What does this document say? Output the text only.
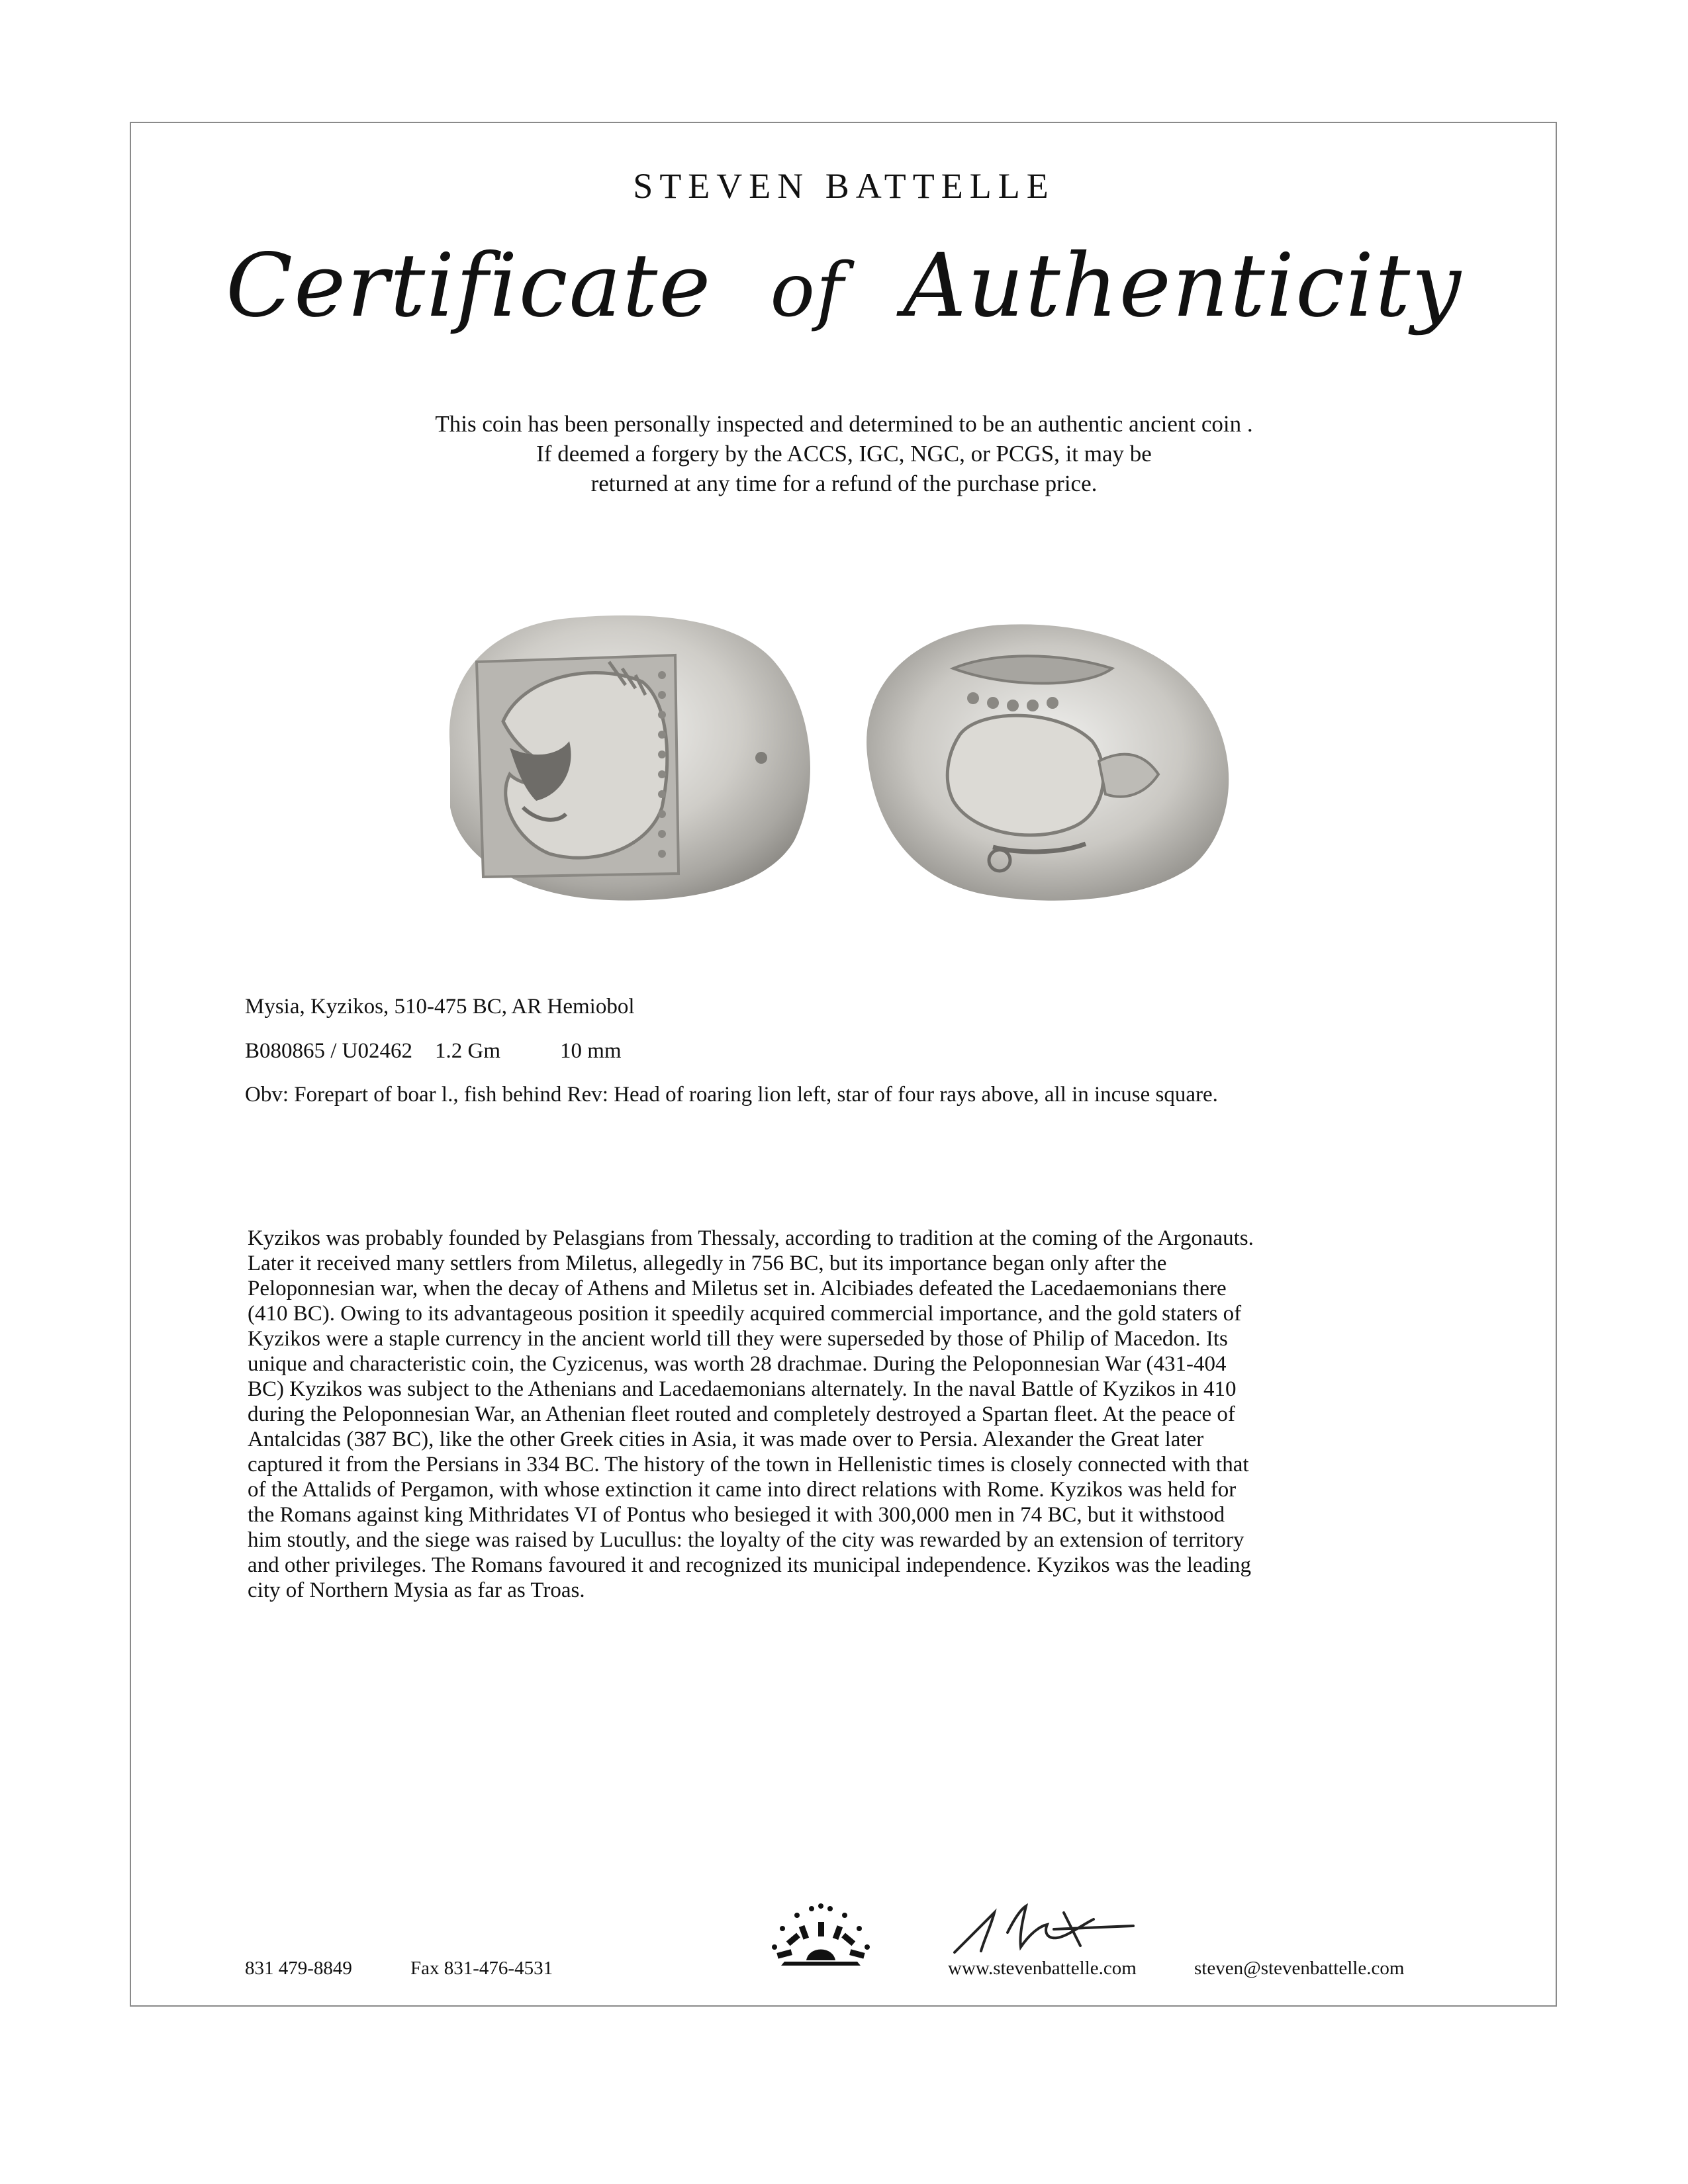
STEVEN BATTELLE
Certificate of Authenticity
This coin has been personally inspected and determined to be an authentic ancient coin .
If deemed a forgery by the ACCS, IGC, NGC, or PCGS, it may be
returned at any time for a refund of the purchase price.
Mysia, Kyzikos, 510-475 BC, AR Hemiobol
B080865 / U02462 1.2 Gm	10 mm
Obv: Forepart of boar l., fish behind Rev: Head of roaring lion left, star of four rays above, all in incuse square.
Kyzikos was probably founded by Pelasgians from Thessaly, according to tradition at the coming of the Argonauts.
Later it received many settlers from Miletus, allegedly in 756 BC, but its importance began only after the
Peloponnesian war, when the decay of Athens and Miletus set in. Alcibiades defeated the Lacedaemonians there
(410 BC). Owing to its advantageous position it speedily acquired commercial importance, and the gold staters of
Kyzikos were a staple currency in the ancient world till they were superseded by those of Philip of Macedon. Its
unique and characteristic coin, the Cyzicenus, was worth 28 drachmae. During the Peloponnesian War (431-404
BC) Kyzikos was subject to the Athenians and Lacedaemonians alternately. In the naval Battle of Kyzikos in 410
during the Peloponnesian War, an Athenian fleet routed and completely destroyed a Spartan fleet. At the peace of
Antalcidas (387 BC), like the other Greek cities in Asia, it was made over to Persia. Alexander the Great later
captured it from the Persians in 334 BC. The history of the town in Hellenistic times is closely connected with that
of the Attalids of Pergamon, with whose extinction it came into direct relations with Rome. Kyzikos was held for
the Romans against king Mithridates VI of Pontus who besieged it with 300,000 men in 74 BC, but it withstood
him stoutly, and the siege was raised by Lucullus: the loyalty of the city was rewarded by an extension of territory
and other privileges. The Romans favoured it and recognized its municipal independence. Kyzikos was the leading
city of Northern Mysia as far as Troas.
831 479-8849	Fax 831-476-4531	www.stevenbattelle.com	steven@stevenbattelle.com
